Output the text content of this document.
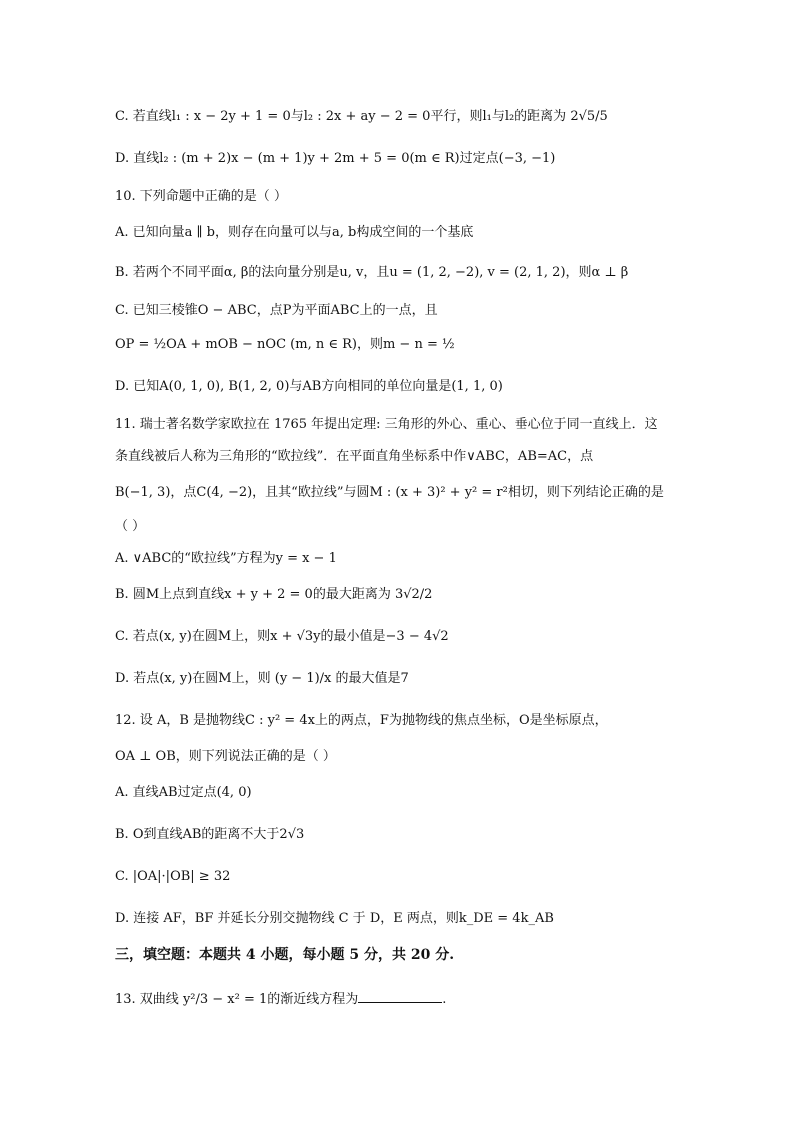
C. 若直线l₁ : x − 2y + 1 = 0与l₂ : 2x + ay − 2 = 0平行，则l₁与l₂的距离为 2√5/5
D. 直线l₂ : (m + 2)x − (m + 1)y + 2m + 5 = 0(m ∈ R)过定点(−3, −1)
10. 下列命题中正确的是（ ）
A. 已知向量a ∥ b，则存在向量可以与a, b构成空间的一个基底
B. 若两个不同平面α, β的法向量分别是u, v，且u = (1, 2, −2), v = (2, 1, 2)，则α ⊥ β
C. 已知三棱锥O − ABC，点P为平面ABC上的一点，且
OP = ½OA + mOB − nOC (m, n ∈ R)，则m − n = ½
D. 已知A(0, 1, 0), B(1, 2, 0)与AB方向相同的单位向量是(1, 1, 0)
11. 瑞士著名数学家欧拉在 1765 年提出定理: 三角形的外心、重心、垂心位于同一直线上．这
条直线被后人称为三角形的“欧拉线”．在平面直角坐标系中作∨ABC，AB=AC，点
B(−1, 3)，点C(4, −2)，且其“欧拉线”与圆M : (x + 3)² + y² = r²相切，则下列结论正确的是
（ ）
A. ∨ABC的“欧拉线”方程为y = x − 1
B. 圆M上点到直线x + y + 2 = 0的最大距离为 3√2/2
C. 若点(x, y)在圆M上，则x + √3y的最小值是−3 − 4√2
D. 若点(x, y)在圆M上，则 (y − 1)/x 的最大值是7
12. 设 A，B 是抛物线C : y² = 4x上的两点，F为抛物线的焦点坐标，O是坐标原点，
OA ⊥ OB，则下列说法正确的是（ ）
A. 直线AB过定点(4, 0)
B. O到直线AB的距离不大于2√3
C. |OA|·|OB| ≥ 32
D. 连接 AF，BF 并延长分别交抛物线 C 于 D，E 两点，则k_DE = 4k_AB
三，填空题：本题共 4 小题，每小题 5 分，共 20 分.
13. 双曲线 y²/3 − x² = 1的渐近线方程为	.
